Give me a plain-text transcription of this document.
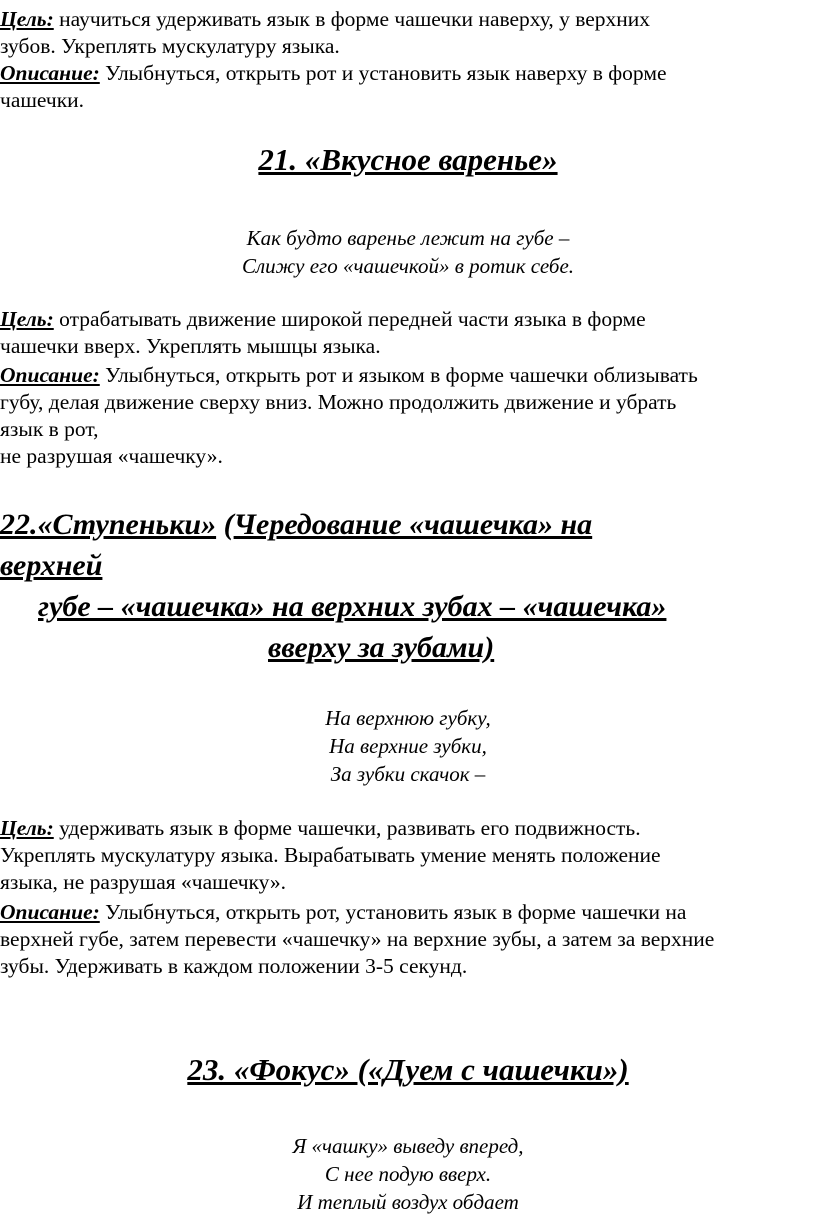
Цель: научиться удерживать язык в форме чашечки наверху, у верхних
зубов. Укреплять мускулатуру языка.
Описание: Улыбнуться, открыть рот и установить язык наверху в форме
чашечки.
21. «Вкусное варенье»
Как будто варенье лежит на губе –
Слижу его «чашечкой» в ротик себе.
Цель: отрабатывать движение широкой передней части языка в форме
чашечки вверх. Укреплять мышцы языка.
Описание: Улыбнуться, открыть рот и языком в форме чашечки облизывать
губу, делая движение сверху вниз. Можно продолжить движение и убрать
язык в рот,
не разрушая «чашечку».
22.«Ступеньки» (Чередование «чашечка» на
верхней
губе – «чашечка» на верхних зубах – «чашечка»
вверху за зубами)
На верхнюю губку,
На верхние зубки,
За зубки скачок –
Цель: удерживать язык в форме чашечки, развивать его подвижность.
Укреплять мускулатуру языка. Вырабатывать умение менять положение
языка, не разрушая «чашечку».
Описание: Улыбнуться, открыть рот, установить язык в форме чашечки на
верхней губе, затем перевести «чашечку» на верхние зубы, а затем за верхние
зубы. Удерживать в каждом положении 3-5 секунд.
23. «Фокус» («Дуем с чашечки»)
Я «чашку» выведу вперед,
С нее подую вверх.
И теплый воздух обдает
